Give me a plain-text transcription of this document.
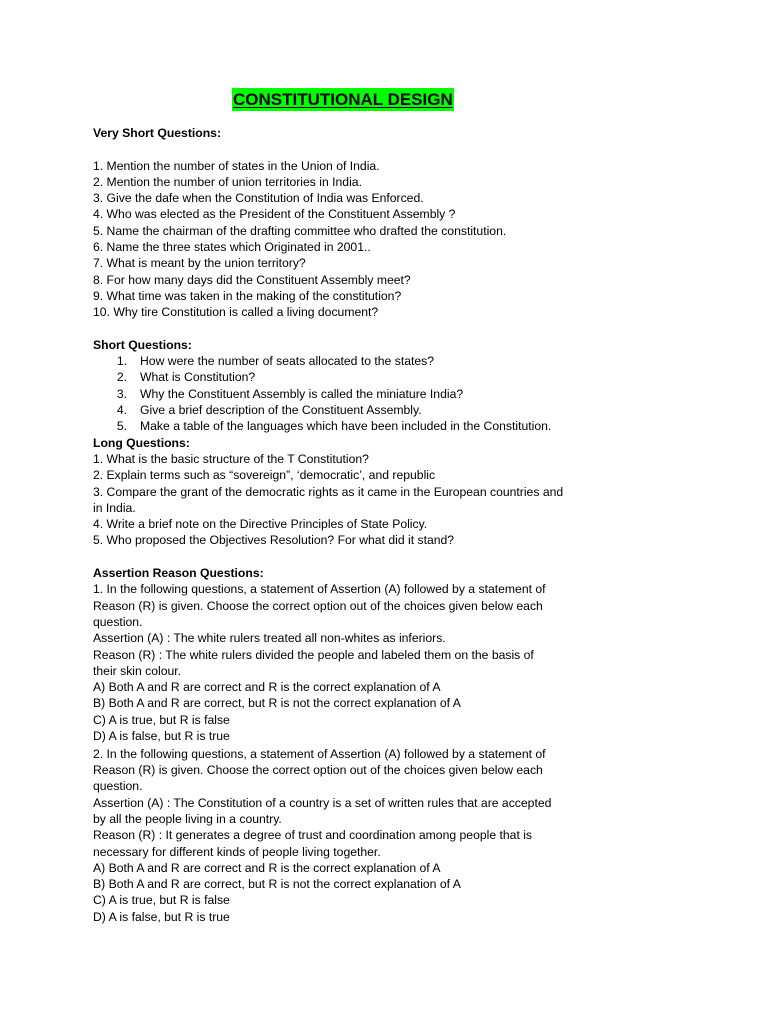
CONSTITUTIONAL DESIGN
Very Short Questions:
1. Mention the number of states in the Union of India.
2. Mention the number of union territories in India.
3. Give the dafe when the Constitution of India was Enforced.
4. Who was elected as the President of the Constituent Assembly ?
5. Name the chairman of the drafting committee who drafted the constitution.
6. Name the three states which Originated in 2001..
7. What is meant by the union territory?
8. For how many days did the Constituent Assembly meet?
9. What time was taken in the making of the constitution?
10. Why tire Constitution is called a living document?
Short Questions:
1. How were the number of seats allocated to the states?
2. What is Constitution?
3. Why the Constituent Assembly is called the miniature India?
4. Give a brief description of the Constituent Assembly.
5. Make a table of the languages which have been included in the Constitution.
Long Questions:
1. What is the basic structure of the T Constitution?
2. Explain terms such as “sovereign”, ‘democratic’, and republic
3. Compare the grant of the democratic rights as it came in the European countries and
in India.
4. Write a brief note on the Directive Principles of State Policy.
5. Who proposed the Objectives Resolution? For what did it stand?
Assertion Reason Questions:
1. In the following questions, a statement of Assertion (A) followed by a statement of
Reason (R) is given. Choose the correct option out of the choices given below each
question.
Assertion (A) : The white rulers treated all non-whites as inferiors.
Reason (R) : The white rulers divided the people and labeled them on the basis of
their skin colour.
A) Both A and R are correct and R is the correct explanation of A
B) Both A and R are correct, but R is not the correct explanation of A
C) A is true, but R is false
D) A is false, but R is true
2. In the following questions, a statement of Assertion (A) followed by a statement of
Reason (R) is given. Choose the correct option out of the choices given below each
question.
Assertion (A) : The Constitution of a country is a set of written rules that are accepted
by all the people living in a country.
Reason (R) : It generates a degree of trust and coordination among people that is
necessary for different kinds of people living together.
A) Both A and R are correct and R is the correct explanation of A
B) Both A and R are correct, but R is not the correct explanation of A
C) A is true, but R is false
D) A is false, but R is true
